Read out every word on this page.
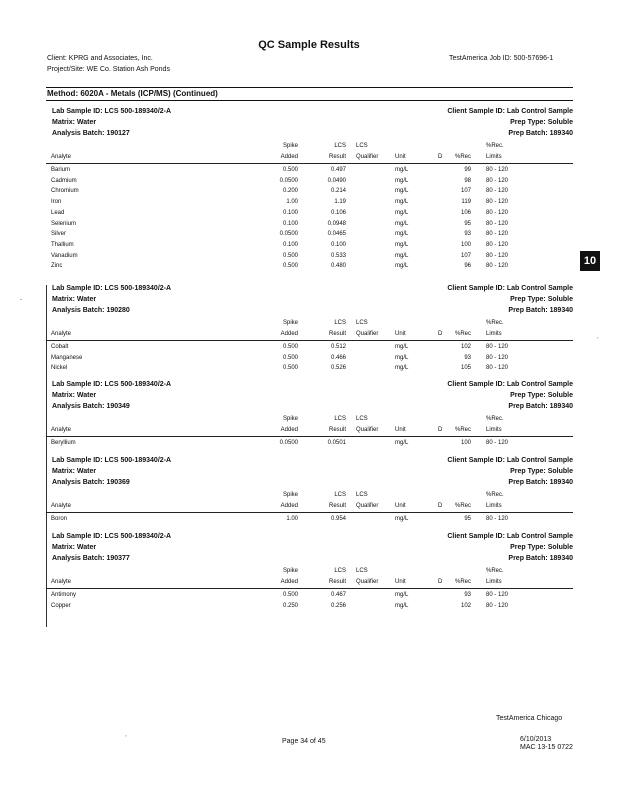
QC Sample Results
Client: KPRG and Associates, Inc.
Project/Site: WE Co. Station Ash Ponds
TestAmerica Job ID: 500-57696-1
Method: 6020A - Metals (ICP/MS) (Continued)
10
-
,
,
Lab Sample ID: LCS 500-189340/2-A
Matrix: Water
Analysis Batch: 190127
Client Sample ID: Lab Control Sample
Prep Type: Soluble
Prep Batch: 189340
Spike	LCS LCS	%Rec.
Analyte	Added	Result Qualifier	Unit	D %Rec	Limits
Barium	0.500	0.497	mg/L	99	80 - 120
Cadmium	0.0500	0.0490	mg/L	98	80 - 120
Chromium	0.200	0.214	mg/L	107	80 - 120
Iron	1.00	1.19	mg/L	119	80 - 120
Lead	0.100	0.106	mg/L	106	80 - 120
Selenium	0.100	0.0948	mg/L	95	80 - 120
Silver	0.0500	0.0465	mg/L	93	80 - 120
Thallium	0.100	0.100	mg/L	100	80 - 120
Vanadium	0.500	0.533	mg/L	107	80 - 120
Zinc	0.500	0.480	mg/L	96	80 - 120
Lab Sample ID: LCS 500-189340/2-A
Matrix: Water
Analysis Batch: 190280
Client Sample ID: Lab Control Sample
Prep Type: Soluble
Prep Batch: 189340
Spike	LCS LCS	%Rec.
Analyte	Added	Result Qualifier	Unit	D %Rec	Limits
Cobalt	0.500	0.512	mg/L	102	80 - 120
Manganese	0.500	0.466	mg/L	93	80 - 120
Nickel	0.500	0.526	mg/L	105	80 - 120
Lab Sample ID: LCS 500-189340/2-A
Matrix: Water
Analysis Batch: 190349
Client Sample ID: Lab Control Sample
Prep Type: Soluble
Prep Batch: 189340
Spike	LCS LCS	%Rec.
Analyte	Added	Result Qualifier	Unit	D %Rec	Limits
Beryllium	0.0500	0.0501	mg/L	100	80 - 120
Lab Sample ID: LCS 500-189340/2-A
Matrix: Water
Analysis Batch: 190369
Client Sample ID: Lab Control Sample
Prep Type: Soluble
Prep Batch: 189340
Spike	LCS LCS	%Rec.
Analyte	Added	Result Qualifier	Unit	D %Rec	Limits
Boron	1.00	0.954	mg/L	95	80 - 120
Lab Sample ID: LCS 500-189340/2-A
Matrix: Water
Analysis Batch: 190377
Client Sample ID: Lab Control Sample
Prep Type: Soluble
Prep Batch: 189340
Spike	LCS LCS	%Rec.
Analyte	Added	Result Qualifier	Unit	D %Rec	Limits
Antimony	0.500	0.467	mg/L	93	80 - 120
Copper	0.250	0.256	mg/L	102	80 - 120
TestAmerica Chicago
Page 34 of 45	6/10/2013
MAC 13-15 0722
